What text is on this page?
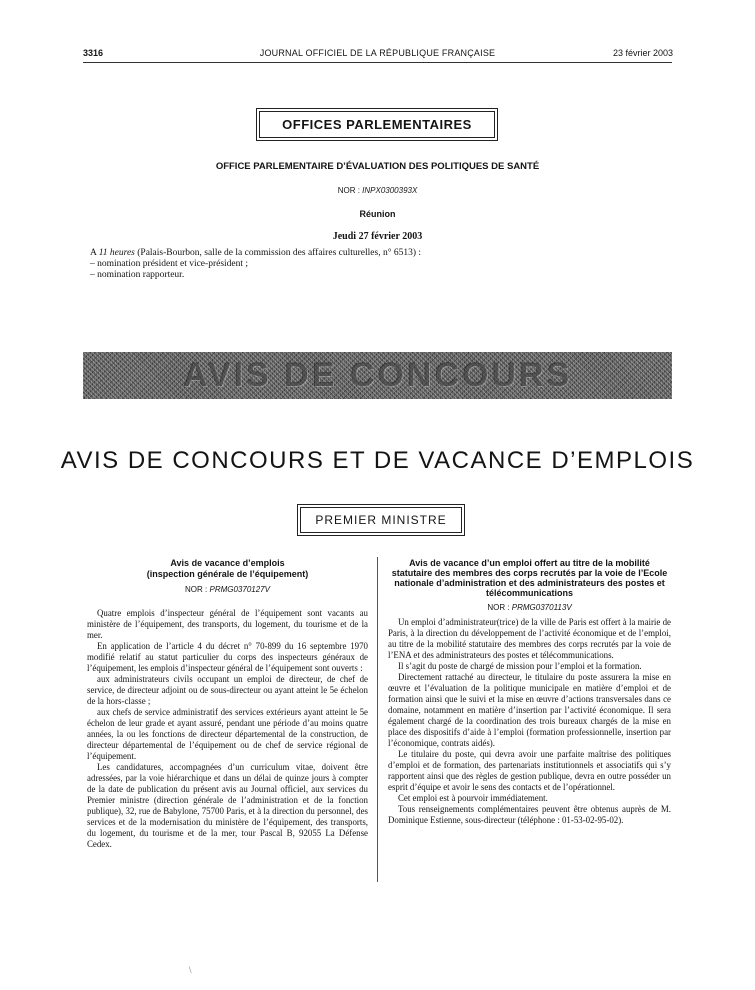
3316	JOURNAL OFFICIEL DE LA RÉPUBLIQUE FRANÇAISE	23 février 2003
OFFICES PARLEMENTAIRES
OFFICE PARLEMENTAIRE D’ÉVALUATION DES POLITIQUES DE SANTÉ
NOR : INPX0300393X
Réunion
Jeudi 27 février 2003
A 11 heures (Palais-Bourbon, salle de la commission des affaires culturelles, n° 6513) :
– nomination président et vice-président ;
– nomination rapporteur.
AVIS DE CONCOURS
AVIS DE CONCOURS ET DE VACANCE D’EMPLOIS
PREMIER MINISTRE
Avis de vacance d’emplois
(inspection générale de l’équipement)
NOR : PRMG0370127V

Quatre emplois d’inspecteur général de l’équipement sont vacants au ministère de l’équipement, des transports, du logement, du tourisme et de la mer.

En application de l’article 4 du décret n° 70-899 du 16 septembre 1970 modifié relatif au statut particulier du corps des inspecteurs généraux de l’équipement, les emplois d’inspecteur général de l’équipement sont ouverts :

aux administrateurs civils occupant un emploi de directeur, de chef de service, de directeur adjoint ou de sous-directeur ou ayant atteint le 5e échelon de la hors-classe ;

aux chefs de service administratif des services extérieurs ayant atteint le 5e échelon de leur grade et ayant assuré, pendant une période d’au moins quatre années, la ou les fonctions de directeur départemental de la construction, de directeur départemental de l’équipement ou de chef de service régional de l’équipement.

Les candidatures, accompagnées d’un curriculum vitae, doivent être adressées, par la voie hiérarchique et dans un délai de quinze jours à compter de la date de publication du présent avis au Journal officiel, aux services du Premier ministre (direction générale de l’administration et de la fonction publique), 32, rue de Babylone, 75700 Paris, et à la direction du personnel, des services et de la modernisation du ministère de l’équipement, des transports, du logement, du tourisme et de la mer, tour Pascal B, 92055 La Défense Cedex.

Avis de vacance d’un emploi offert au titre de la mobilité statutaire des membres des corps recrutés par la voie de l’Ecole nationale d’administration et des administrateurs des postes et télécommunications
NOR : PRMG0370113V

Un emploi d’administrateur(trice) de la ville de Paris est offert à la mairie de Paris, à la direction du développement de l’activité économique et de l’emploi, au titre de la mobilité statutaire des membres des corps recrutés par la voie de l’ENA et des administrateurs des postes et télécommunications.

Il s’agit du poste de chargé de mission pour l’emploi et la formation.

Directement rattaché au directeur, le titulaire du poste assurera la mise en œuvre et l’évaluation de la politique municipale en matière d’emploi et de formation ainsi que le suivi et la mise en œuvre d’actions transversales dans ce domaine, notamment en matière d’insertion par l’activité économique. Il sera également chargé de la coordination des trois bureaux chargés de la mise en place des dispositifs d’aide à l’emploi (formation professionnelle, insertion par l’économique, contrats aidés).

Le titulaire du poste, qui devra avoir une parfaite maîtrise des politiques d’emploi et de formation, des partenariats institutionnels et associatifs qui s’y rapportent ainsi que des règles de gestion publique, devra en outre posséder un esprit d’équipe et avoir le sens des contacts et de l’opérationnel.

Cet emploi est à pourvoir immédiatement.

Tous renseignements complémentaires peuvent être obtenus auprès de M. Dominique Estienne, sous-directeur (téléphone : 01-53-02-95-02).

\
